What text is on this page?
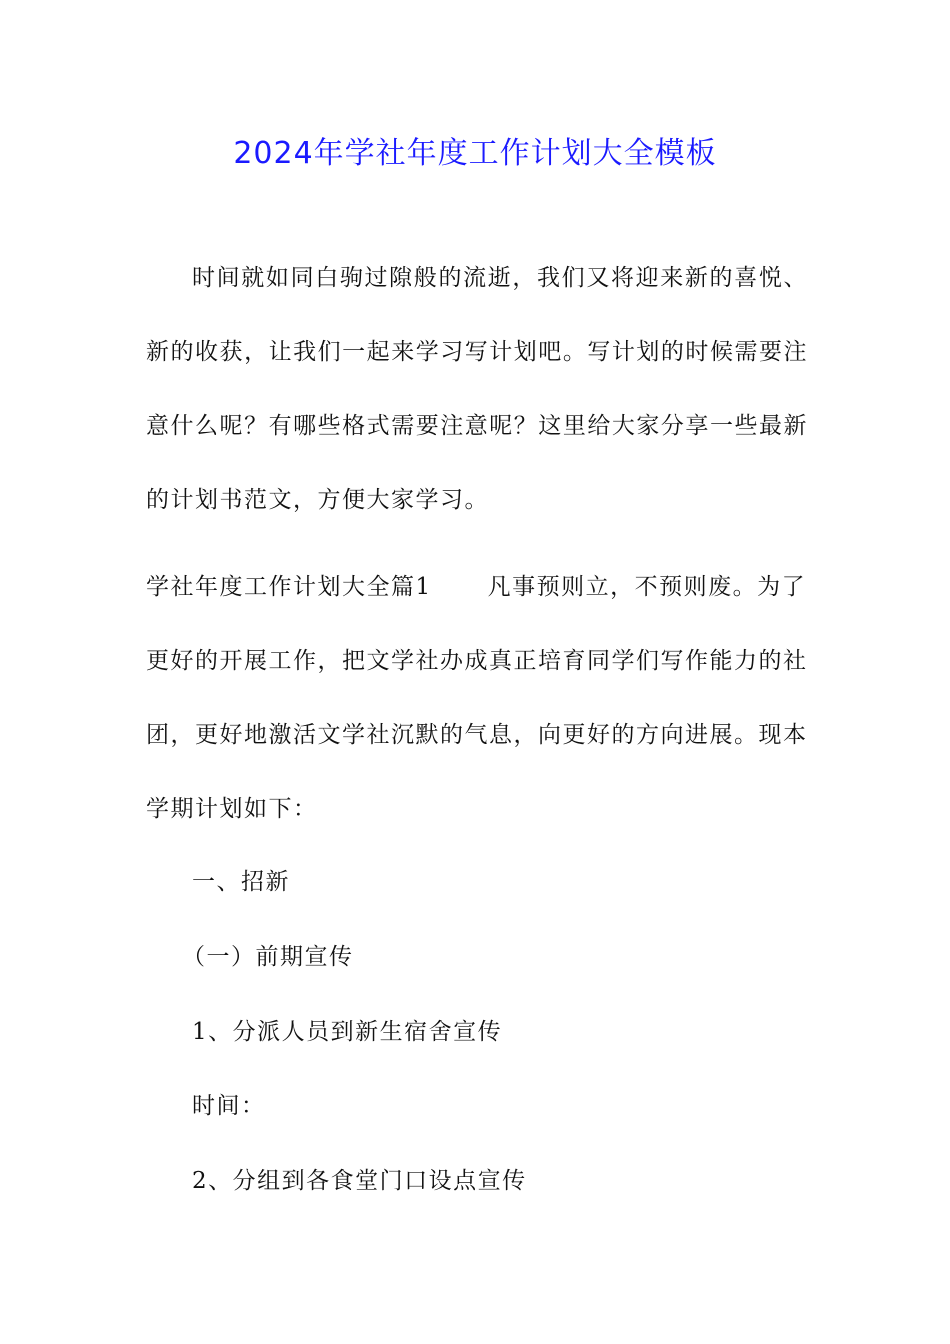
2024年学社年度工作计划大全模板

时间就如同白驹过隙般的流逝，我们又将迎来新的喜悦、新的收获，让我们一起来学习写计划吧。写计划的时候需要注意什么呢？有哪些格式需要注意呢？这里给大家分享一些最新的计划书范文，方便大家学习。

学社年度工作计划大全篇1 凡事预则立，不预则废。为了
更好的开展工作，把文学社办成真正培育同学们写作能力的社
团，更好地激活文学社沉默的气息，向更好的方向进展。现本
学期计划如下：
一、招新
（一）前期宣传
1、分派人员到新生宿舍宣传
时间：
2、分组到各食堂门口设点宣传
